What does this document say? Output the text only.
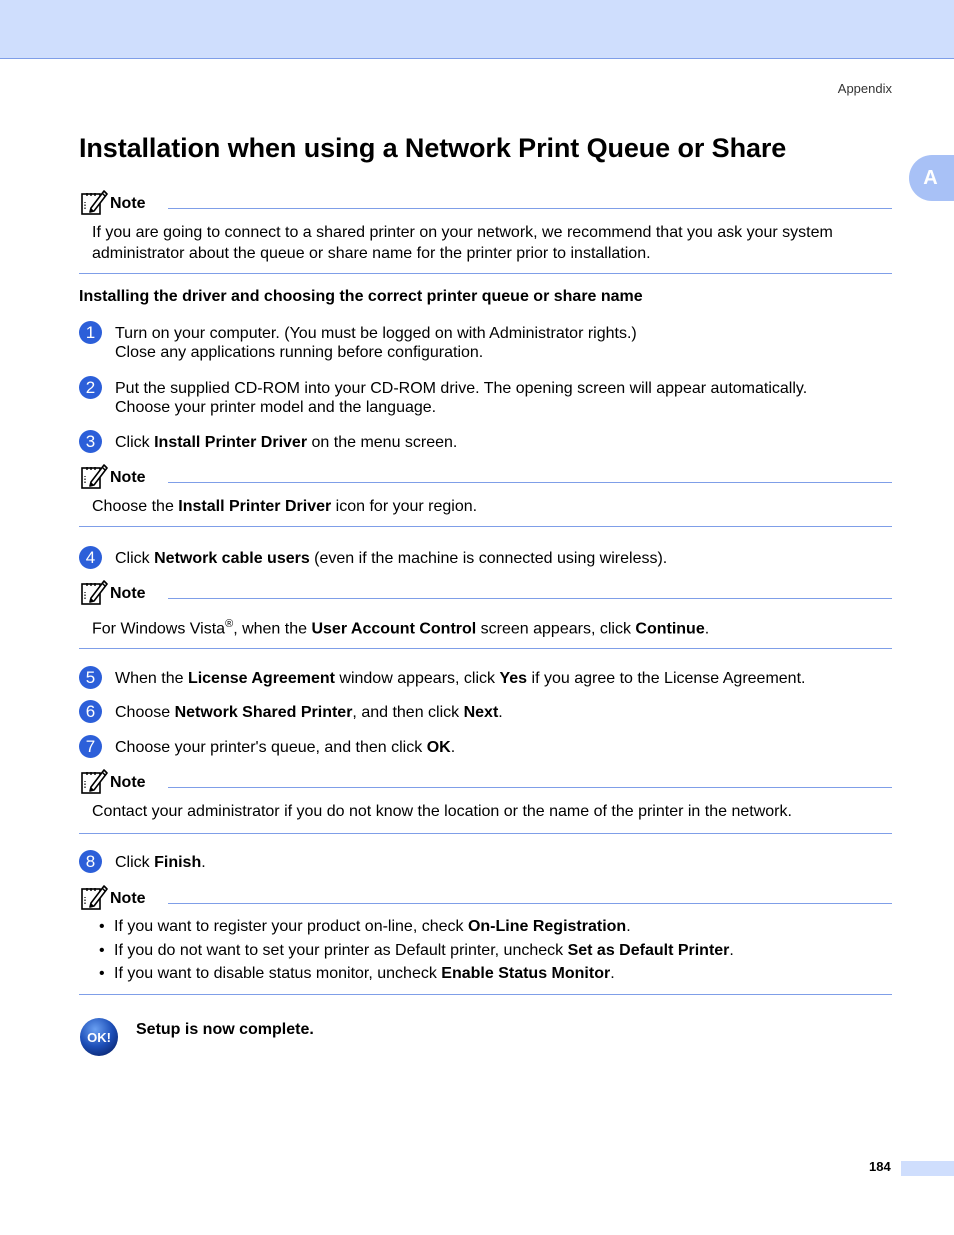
Appendix
A
Installation when using a Network Print Queue or Share
Note
If you are going to connect to a shared printer on your network, we recommend that you ask your system
administrator about the queue or share name for the printer prior to installation.
Installing the driver and choosing the correct printer queue or share name
1	Turn on your computer. (You must be logged on with Administrator rights.)
Close any applications running before configuration.
2	Put the supplied CD-ROM into your CD-ROM drive. The opening screen will appear automatically.
Choose your printer model and the language.
3	Click Install Printer Driver on the menu screen.
Note
Choose the Install Printer Driver icon for your region.
4	Click Network cable users (even if the machine is connected using wireless).
Note
For Windows Vista®, when the User Account Control screen appears, click Continue.
5	When the License Agreement window appears, click Yes if you agree to the License Agreement.
6	Choose Network Shared Printer, and then click Next.
7	Choose your printer's queue, and then click OK.
Note
Contact your administrator if you do not know the location or the name of the printer in the network.
8	Click Finish.
Note
• If you want to register your product on-line, check On-Line Registration.
• If you do not want to set your printer as Default printer, uncheck Set as Default Printer.
• If you want to disable status monitor, uncheck Enable Status Monitor.
OK! Setup is now complete.
184
